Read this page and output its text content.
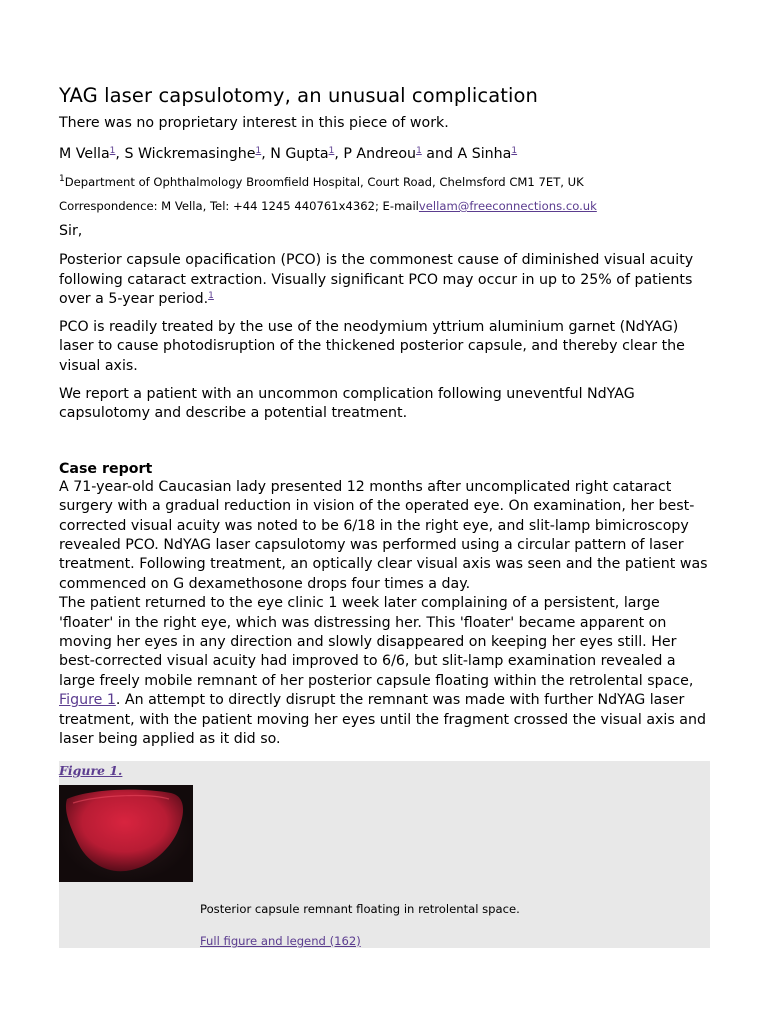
YAG laser capsulotomy, an unusual complication

There was no proprietary interest in this piece of work.

M Vella$^1$, S Wickremasinghe$^1$, N Gupta$^1$, P Andreou$^1$ and A Sinha$^1$

$^1$Department of Ophthalmology Broomfield Hospital, Court Road, Chelmsford CM1 7ET, UK

Correspondence: M Vella, Tel: +44 1245 440761x4362; E-mailvellam@freeconnections.co.uk

Sir,

Posterior capsule opacification (PCO) is the commonest cause of diminished visual acuity following cataract extraction. Visually significant PCO may occur in up to 25% of patients over a 5-year period.$^1$

PCO is readily treated by the use of the neodymium yttrium aluminium garnet (NdYAG) laser to cause photodisruption of the thickened posterior capsule, and thereby clear the visual axis.

We report a patient with an uncommon complication following uneventful NdYAG capsulotomy and describe a potential treatment.

Case report

A 71-year-old Caucasian lady presented 12 months after uncomplicated right cataract surgery with a gradual reduction in vision of the operated eye. On examination, her best-corrected visual acuity was noted to be 6/18 in the right eye, and slit-lamp bimicroscopy revealed PCO. NdYAG laser capsulotomy was performed using a circular pattern of laser treatment. Following treatment, an optically clear visual axis was seen and the patient was commenced on G dexamethosone drops four times a day.

The patient returned to the eye clinic 1 week later complaining of a persistent, large 'floater' in the right eye, which was distressing her. This 'floater' became apparent on moving her eyes in any direction and slowly disappeared on keeping her eyes still. Her best-corrected visual acuity had improved to 6/6, but slit-lamp examination revealed a large freely mobile remnant of her posterior capsule floating within the retrolental space, Figure 1. An attempt to directly disrupt the remnant was made with further NdYAG laser treatment, with the patient moving her eyes until the fragment crossed the visual axis and laser being applied as it did so.

Figure 1.
Posterior capsule remnant floating in retrolental space.
Full figure and legend (162)
